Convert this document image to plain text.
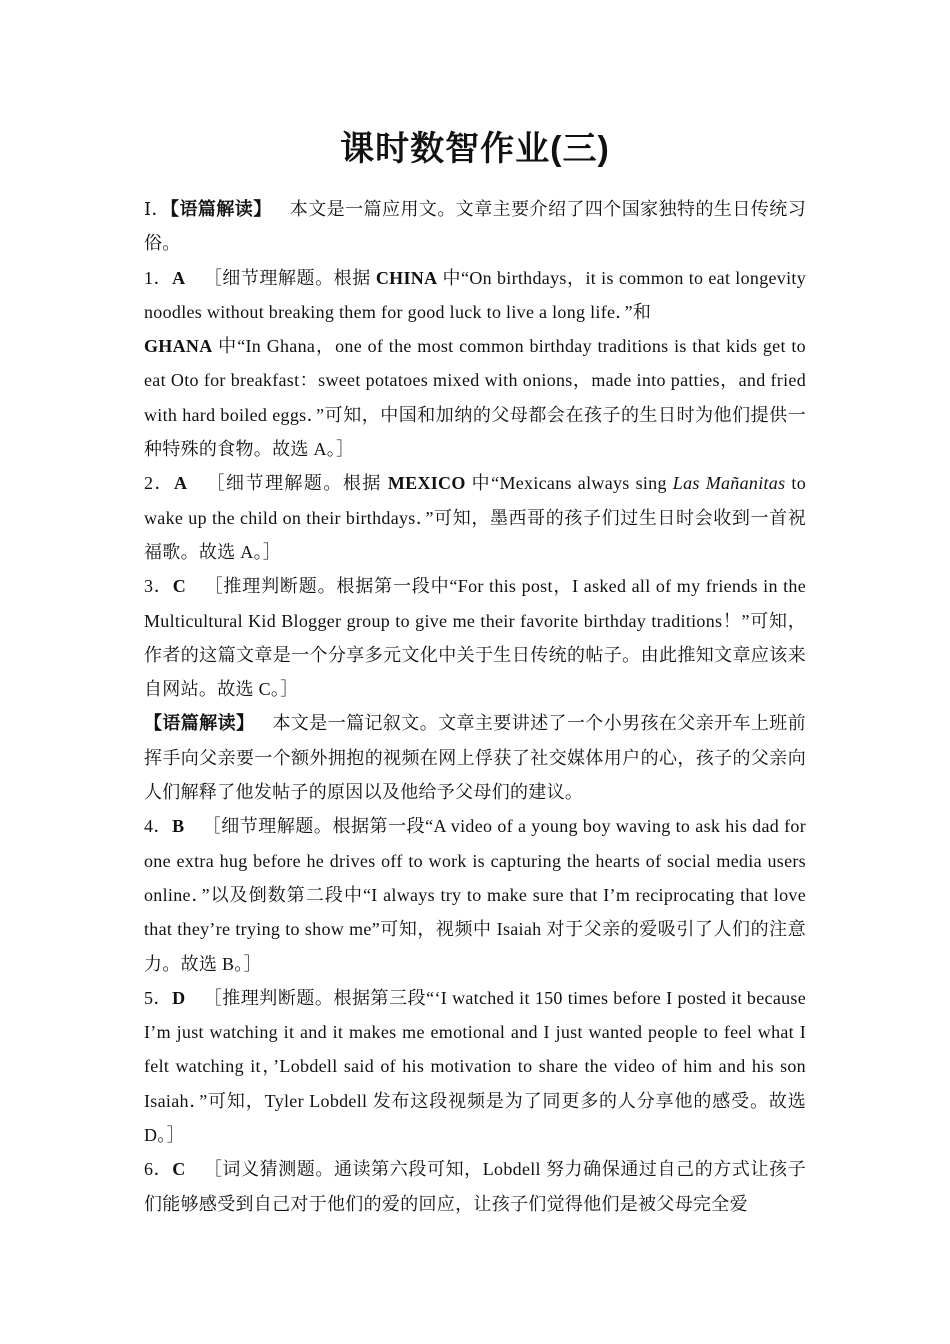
课时数智作业(三)

Ⅰ．【语篇解读】 本文是一篇应用文。文章主要介绍了四个国家独特的生日传统习俗。

1．A ［细节理解题。根据 CHINA 中“On birthdays，it is common to eat longevity noodles without breaking them for good luck to live a long life．”和
GHANA 中“In Ghana，one of the most common birthday traditions is that kids get to eat Oto for breakfast：sweet potatoes mixed with onions，made into patties，and fried with hard boiled eggs．”可知，中国和加纳的父母都会在孩子的生日时为他们提供一种特殊的食物。故选 A。］

2．A ［细节理解题。根据 MEXICO 中“Mexicans always sing Las Mañanitas to wake up the child on their birthdays．”可知，墨西哥的孩子们过生日时会收到一首祝福歌。故选 A。］

3．C ［推理判断题。根据第一段中“For this post，I asked all of my friends in the Multicultural Kid Blogger group to give me their favorite birthday traditions！”可知，作者的这篇文章是一个分享多元文化中关于生日传统的帖子。由此推知文章应该来自网站。故选 C。］

【语篇解读】 本文是一篇记叙文。文章主要讲述了一个小男孩在父亲开车上班前挥手向父亲要一个额外拥抱的视频在网上俘获了社交媒体用户的心，孩子的父亲向人们解释了他发帖子的原因以及他给予父母们的建议。

4．B ［细节理解题。根据第一段“A video of a young boy waving to ask his dad for one extra hug before he drives off to work is capturing the hearts of social media users online．”以及倒数第二段中“I always try to make sure that I’m reciprocating that love that they’re trying to show me”可知，视频中 Isaiah 对于父亲的爱吸引了人们的注意力。故选 B。］

5．D ［推理判断题。根据第三段“‘I watched it 150 times before I posted it because I’m just watching it and it makes me emotional and I just wanted people to feel what I felt watching it，’Lobdell said of his motivation to share the video of him and his son Isaiah．”可知，Tyler Lobdell 发布这段视频是为了同更多的人分享他的感受。故选 D。］

6．C ［词义猜测题。通读第六段可知，Lobdell 努力确保通过自己的方式让孩子们能够感受到自己对于他们的爱的回应，让孩子们觉得他们是被父母完全爱
